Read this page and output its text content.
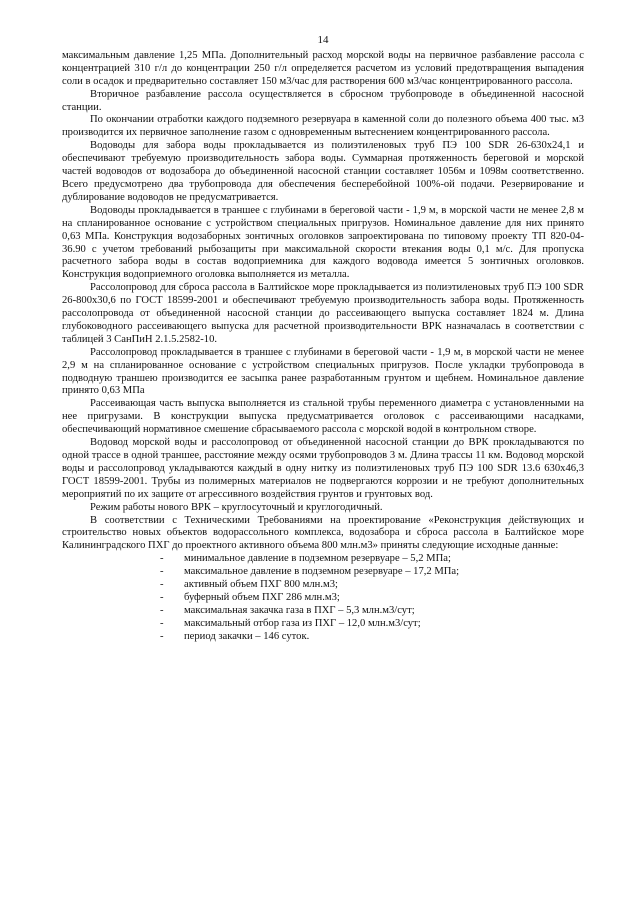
14

максимальным давление 1,25 МПа. Дополнительный расход морской воды на первичное разбавление рассола с концентрацией 310 г/л до концентрации 250 г/л определяется расчетом из условий предотвращения выпадения соли в осадок и предварительно составляет 150 м3/час для растворения 600 м3/час концентрированного рассола.

Вторичное разбавление рассола осуществляется в сбросном трубопроводе в объединенной насосной станции.

По окончании отработки каждого подземного резервуара в каменной соли до полезного объема 400 тыс. м3 производится их первичное заполнение газом с одновременным вытеснением концентрированного рассола.

Водоводы для забора воды прокладывается из полиэтиленовых труб ПЭ 100 SDR 26-630х24,1 и обеспечивают требуемую производительность забора воды. Суммарная протяженность береговой и морской частей водоводов от водозабора до объединенной насосной станции составляет 1056м и 1098м соответственно. Всего предусмотрено два трубопровода для обеспечения бесперебойной 100%-ой подачи. Резервирование и дублирование водоводов не предусматривается.

Водоводы прокладывается в траншее с глубинами в береговой части - 1,9 м, в морской части не менее 2,8 м на спланированное основание с устройством специальных пригрузов. Номинальное давление для них принято 0,63 МПа. Конструкция водозаборных зонтичных оголовков запроектирована по типовому проекту ТП 820-04-36.90 с учетом требований рыбозащиты при максимальной скорости втекания воды 0,1 м/с. Для пропуска расчетного забора воды в состав водоприемника для каждого водовода имеется 5 зонтичных оголовков. Конструкция водоприемного оголовка выполняется из металла.

Рассолопровод для сброса рассола в Балтийское море прокладывается из полиэтиленовых труб ПЭ 100 SDR 26-800х30,6 по ГОСТ 18599-2001 и обеспечивают требуемую производительность забора воды. Протяженность рассолопровода от объединенной насосной станции до рассеивающего выпуска составляет 1824 м. Длина глубоководного рассеивающего выпуска для расчетной производительности ВРК назначалась в соответствии с таблицей 3 СанПиН 2.1.5.2582-10.

Рассолопровод прокладывается в траншее с глубинами в береговой части - 1,9 м, в морской части не менее 2,9 м на спланированное основание с устройством специальных пригрузов. После укладки трубопровода в подводную траншею производится ее засыпка ранее разработанным грунтом и щебнем. Номинальное давление принято 0,63 МПа

Рассеивающая часть выпуска выполняется из стальной трубы переменного диаметра с установленными на нее пригрузами. В конструкции выпуска предусматривается оголовок с рассеивающими насадками, обеспечивающий нормативное смешение сбрасываемого рассола с морской водой в контрольном створе.

Водовод морской воды и рассолопровод от объединенной насосной станции до ВРК прокладываются по одной трассе в одной траншее, расстояние между осями трубопроводов 3 м. Длина трассы 11 км. Водовод морской воды и рассолопровод укладываются каждый в одну нитку из полиэтиленовых труб ПЭ 100 SDR 13.6 630х46,3 ГОСТ 18599-2001. Трубы из полимерных материалов не подвергаются коррозии и не требуют дополнительных мероприятий по их защите от агрессивного воздействия грунтов и грунтовых вод.

Режим работы нового ВРК – круглосуточный и круглогодичный.

В соответствии с Техническими Требованиями на проектирование «Реконструкция действующих и строительство новых объектов водорассольного комплекса, водозабора и сброса рассола в Балтийское море Калининградского ПХГ до проектного активного объема 800 млн.м3» приняты следующие исходные данные:

- минимальное давление в подземном резервуаре – 5,2 МПа;
- максимальное давление в подземном резервуаре – 17,2 МПа;
- активный объем ПХГ 800 млн.м3;
- буферный объем ПХГ 286 млн.м3;
- максимальная закачка газа в ПХГ – 5,3 млн.м3/сут;
- максимальный отбор газа из ПХГ – 12,0 млн.м3/сут;
- период закачки – 146 суток.
